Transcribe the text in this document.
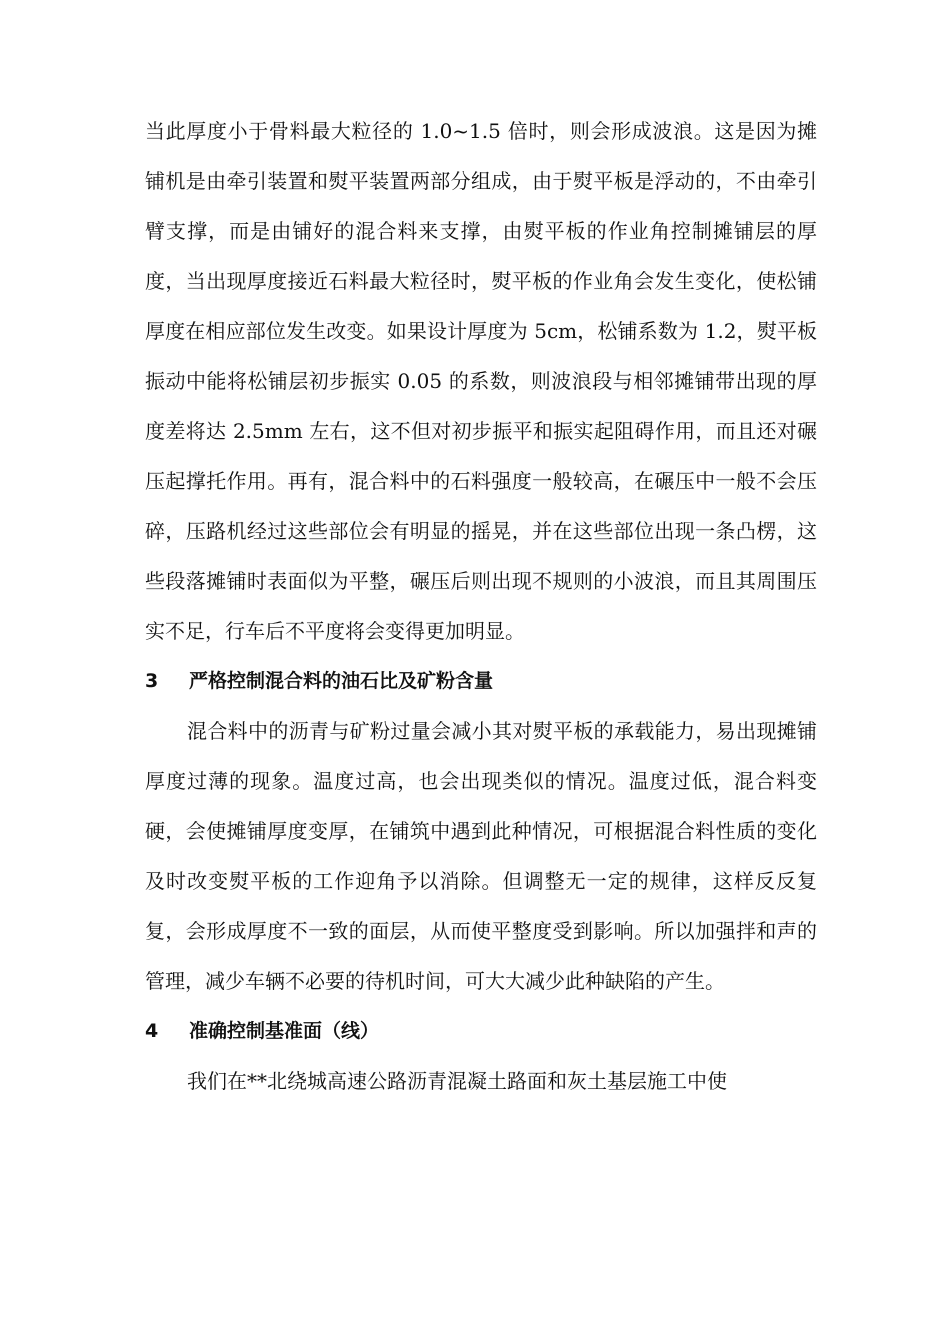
当此厚度小于骨料最大粒径的 1.0~1.5 倍时，则会形成波浪。这是因为摊铺机是由牵引装置和熨平装置两部分组成，由于熨平板是浮动的，不由牵引臂支撑，而是由铺好的混合料来支撑，由熨平板的作业角控制摊铺层的厚度，当出现厚度接近石料最大粒径时，熨平板的作业角会发生变化，使松铺厚度在相应部位发生改变。如果设计厚度为 5cm，松铺系数为 1.2，熨平板振动中能将松铺层初步振实 0.05 的系数，则波浪段与相邻摊铺带出现的厚度差将达 2.5mm 左右，这不但对初步振平和振实起阻碍作用，而且还对碾压起撑托作用。再有，混合料中的石料强度一般较高，在碾压中一般不会压碎，压路机经过这些部位会有明显的摇晃，并在这些部位出现一条凸楞，这些段落摊铺时表面似为平整，碾压后则出现不规则的小波浪，而且其周围压实不足，行车后不平度将会变得更加明显。

3 严格控制混合料的油石比及矿粉含量

混合料中的沥青与矿粉过量会减小其对熨平板的承载能力，易出现摊铺厚度过薄的现象。温度过高，也会出现类似的情况。温度过低，混合料变硬，会使摊铺厚度变厚，在铺筑中遇到此种情况，可根据混合料性质的变化及时改变熨平板的工作迎角予以消除。但调整无一定的规律，这样反反复复，会形成厚度不一致的面层，从而使平整度受到影响。所以加强拌和声的管理，减少车辆不必要的待机时间，可大大减少此种缺陷的产生。

4 准确控制基准面（线）

我们在**北绕城高速公路沥青混凝土路面和灰土基层施工中使
